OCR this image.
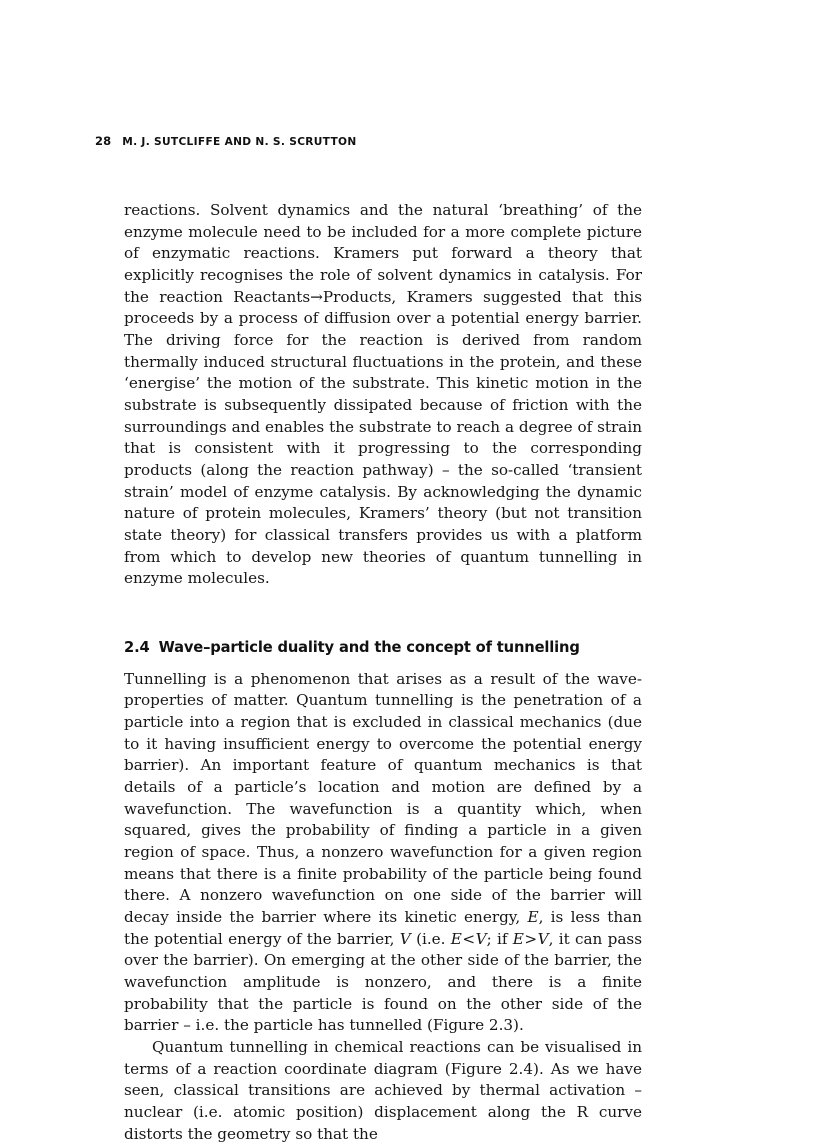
28 M. J. SUTCLIFFE AND N. S. SCRUTTON

reactions. Solvent dynamics and the natural ‘breathing’ of the enzyme molecule need to be included for a more complete picture of enzymatic reactions. Kramers put forward a theory that explicitly recognises the role of solvent dynamics in catalysis. For the reaction Reactants→Products, Kramers suggested that this proceeds by a process of diffusion over a potential energy barrier. The driving force for the reaction is derived from random thermally induced structural fluctuations in the protein, and these ‘energise’ the motion of the substrate. This kinetic motion in the substrate is subsequently dissipated because of friction with the surroundings and enables the substrate to reach a degree of strain that is consistent with it progressing to the corresponding products (along the reaction pathway) – the so-called ‘transient strain’ model of enzyme catalysis. By acknowledging the dynamic nature of protein molecules, Kramers’ theory (but not transition state theory) for classical transfers provides us with a platform from which to develop new theories of quantum tunnelling in enzyme molecules.

2.4 Wave–particle duality and the concept of tunnelling

Tunnelling is a phenomenon that arises as a result of the wave-properties of matter. Quantum tunnelling is the penetration of a particle into a region that is excluded in classical mechanics (due to it having insufficient energy to overcome the potential energy barrier). An important feature of quantum mechanics is that details of a particle’s location and motion are defined by a wavefunction. The wavefunction is a quantity which, when squared, gives the probability of finding a particle in a given region of space. Thus, a nonzero wavefunction for a given region means that there is a finite probability of the particle being found there. A nonzero wavefunction on one side of the barrier will decay inside the barrier where its kinetic energy, E, is less than the potential energy of the barrier, V (i.e. E<V; if E>V, it can pass over the barrier). On emerging at the other side of the barrier, the wavefunction amplitude is nonzero, and there is a finite probability that the particle is found on the other side of the barrier – i.e. the particle has tunnelled (Figure 2.3).

Quantum tunnelling in chemical reactions can be visualised in terms of a reaction coordinate diagram (Figure 2.4). As we have seen, classical transitions are achieved by thermal activation – nuclear (i.e. atomic position) displacement along the R curve distorts the geometry so that the
